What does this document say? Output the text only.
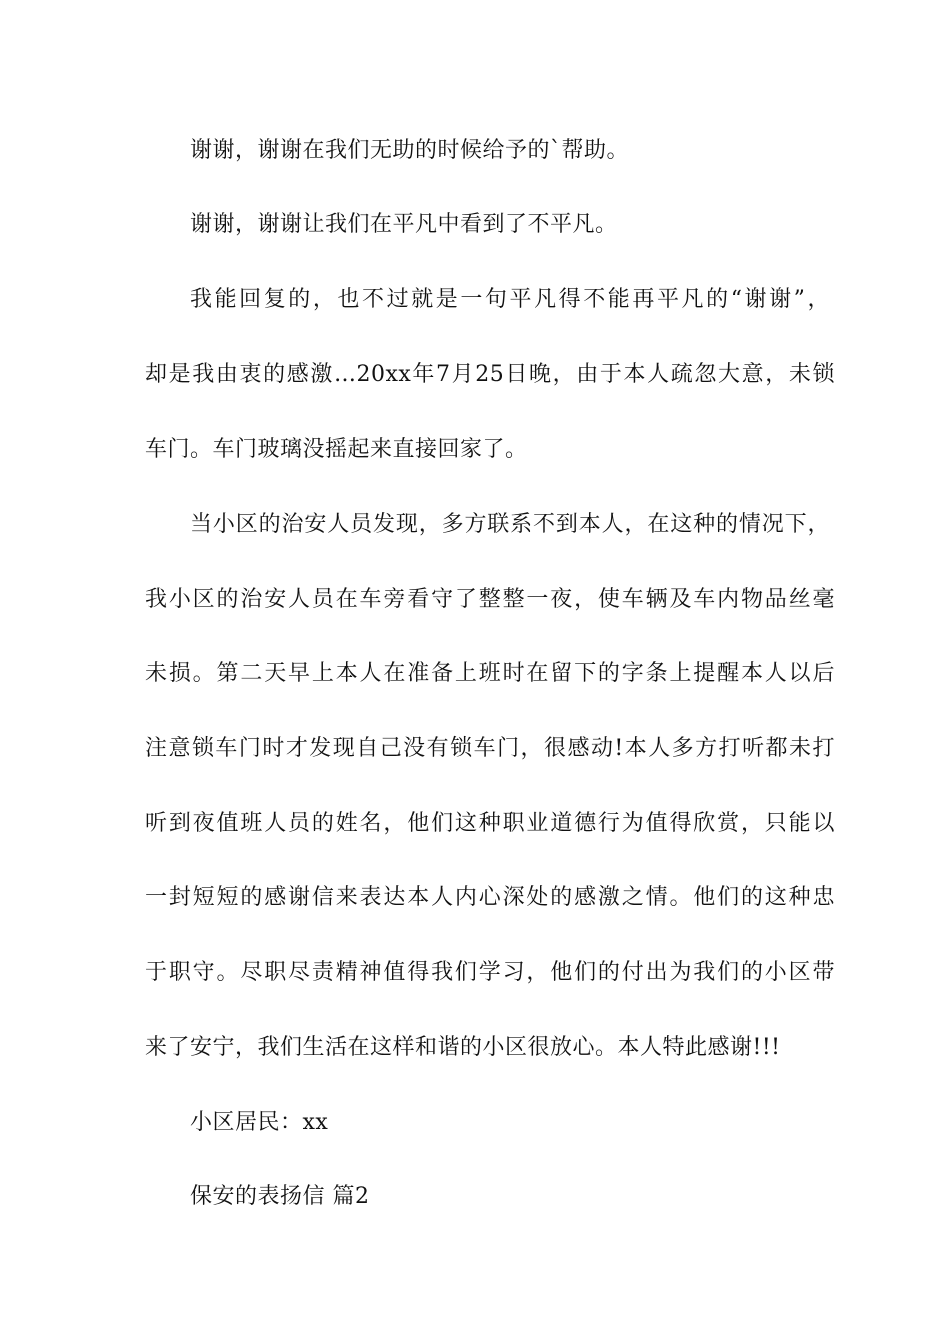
谢谢，谢谢在我们无助的时候给予的`帮助。
谢谢，谢谢让我们在平凡中看到了不平凡。
我能回复的，也不过就是一句平凡得不能再平凡的“谢谢”，
却是我由衷的感激…20xx年7月25日晚，由于本人疏忽大意，未锁
车门。车门玻璃没摇起来直接回家了。
当小区的治安人员发现，多方联系不到本人，在这种的情况下，
我小区的治安人员在车旁看守了整整一夜，使车辆及车内物品丝毫
未损。第二天早上本人在准备上班时在留下的字条上提醒本人以后
注意锁车门时才发现自己没有锁车门，很感动!本人多方打听都未打
听到夜值班人员的姓名，他们这种职业道德行为值得欣赏，只能以
一封短短的感谢信来表达本人内心深处的感激之情。他们的这种忠
于职守。尽职尽责精神值得我们学习，他们的付出为我们的小区带
来了安宁，我们生活在这样和谐的小区很放心。本人特此感谢!!!
小区居民：xx
保安的表扬信 篇2
